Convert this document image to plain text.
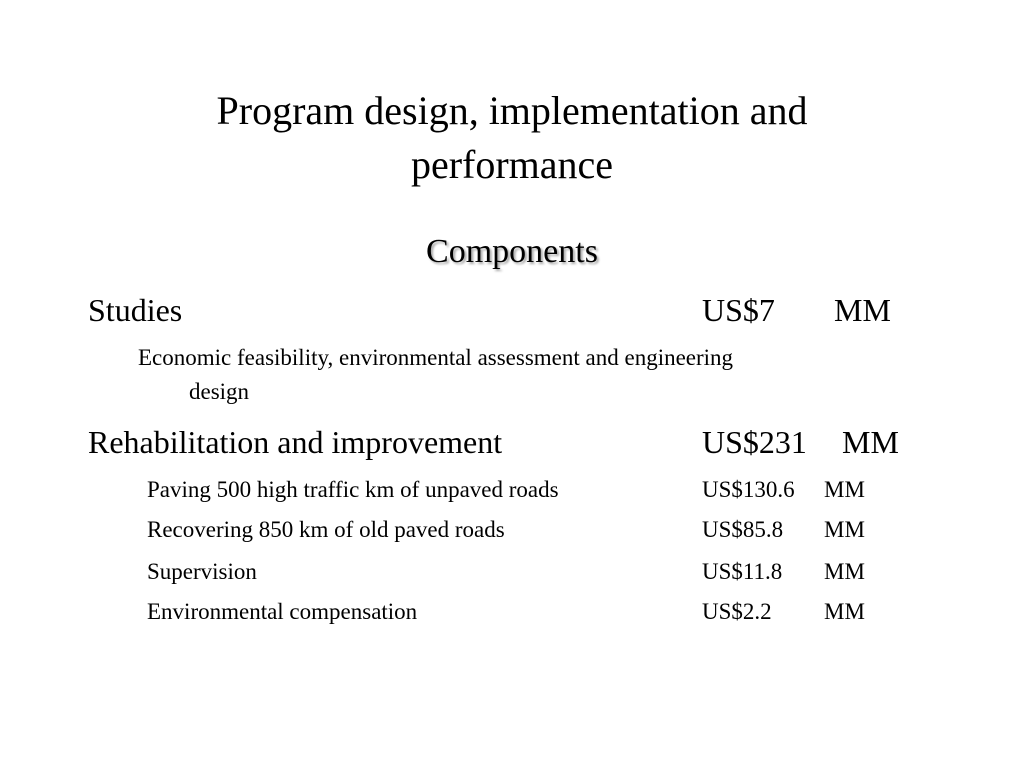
Program design, implementation and performance
Components
Studies	US$7 MM
Economic feasibility, environmental assessment and engineering
design
Rehabilitation and improvement	US$231 MM
Paving 500 high traffic km of unpaved roads	US$130.6 MM
Recovering 850 km of old paved roads	US$85.8 MM
Supervision	US$11.8 MM
Environmental compensation	US$2.2 MM
